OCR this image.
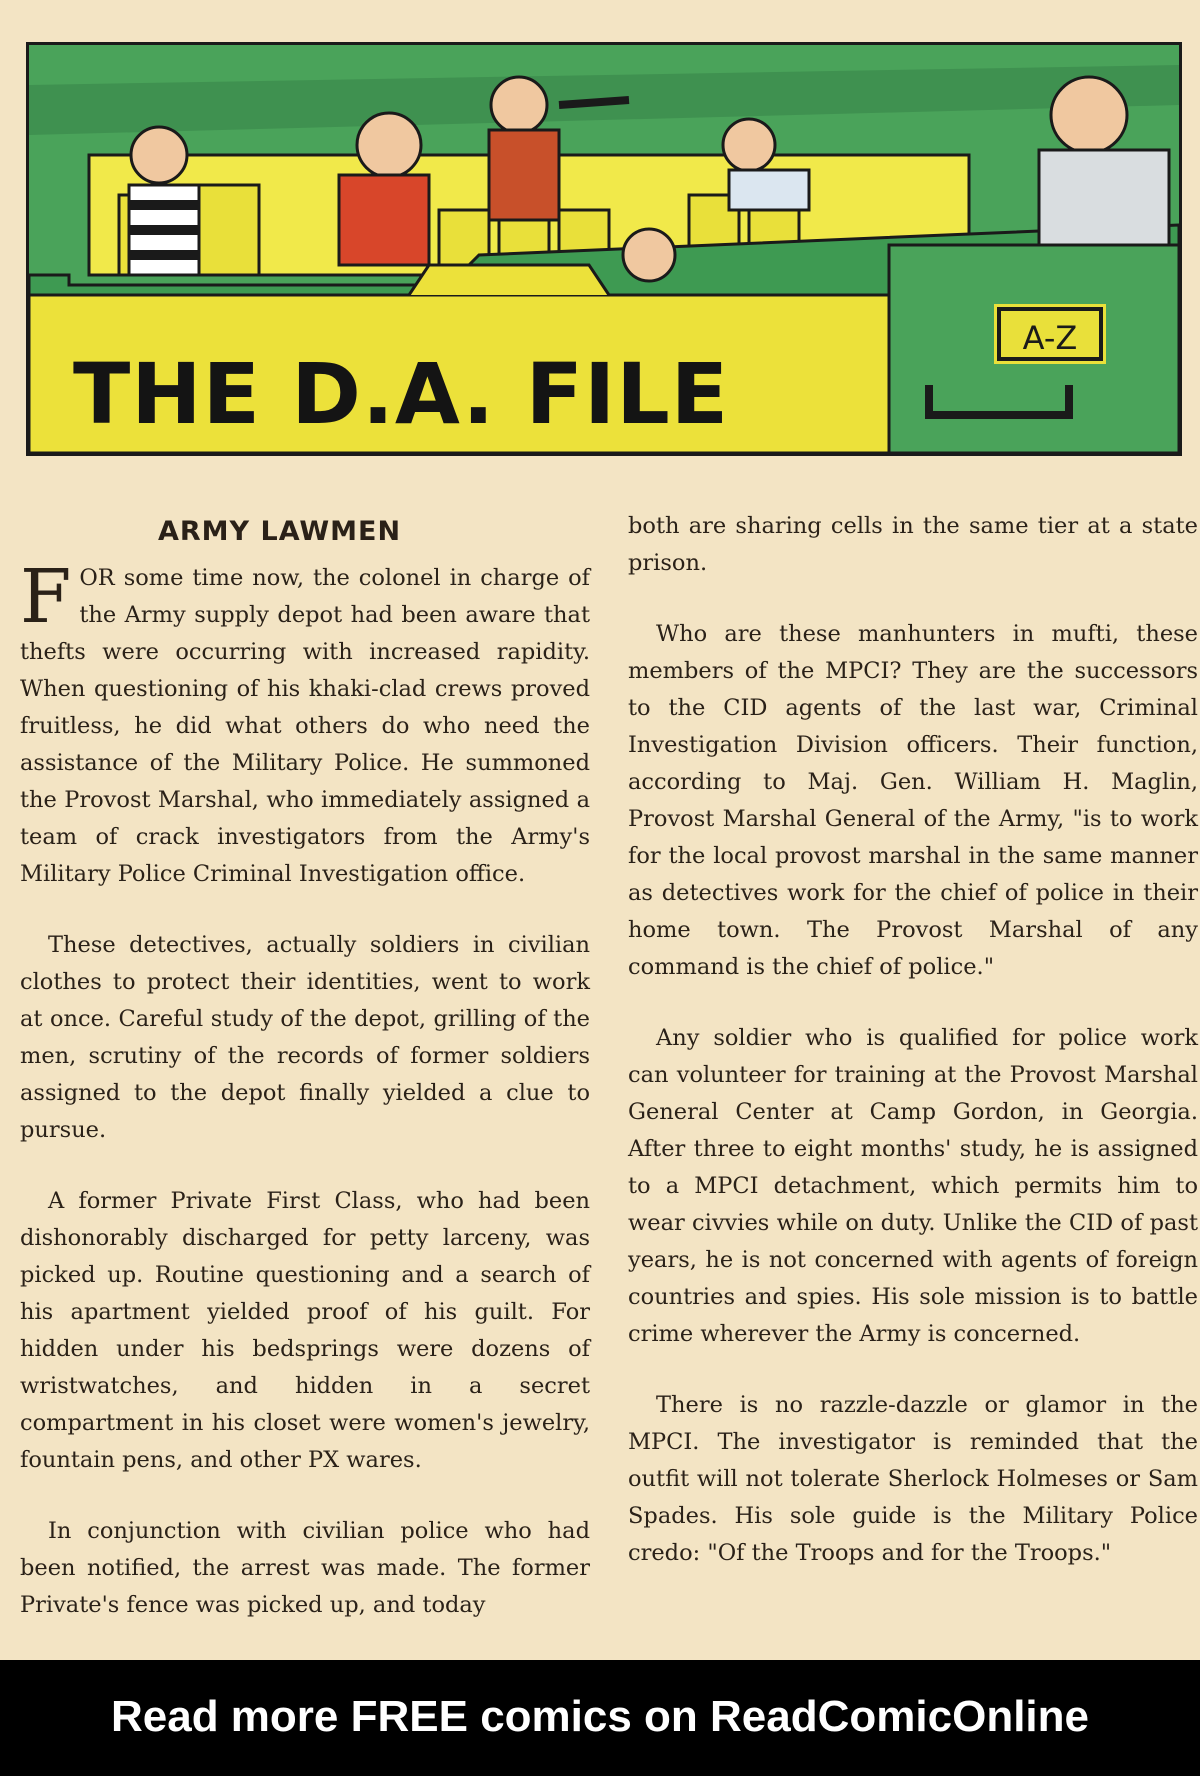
A-Z
THE D.A. FILE
ARMY LAWMEN

FOR some time now, the colonel in charge of the Army supply depot had been aware that thefts were occurring with increased rapidity. When questioning of his khaki-clad crews proved fruitless, he did what others do who need the assistance of the Military Police. He summoned the Provost Marshal, who immediately assigned a team of crack investigators from the Army's Military Police Criminal Investigation office.

These detectives, actually soldiers in civilian clothes to protect their identities, went to work at once. Careful study of the depot, grilling of the men, scrutiny of the records of former soldiers assigned to the depot finally yielded a clue to pursue.

A former Private First Class, who had been dishonorably discharged for petty larceny, was picked up. Routine questioning and a search of his apartment yielded proof of his guilt. For hidden under his bedsprings were dozens of wristwatches, and hidden in a secret compartment in his closet were women's jewelry, fountain pens, and other PX wares.

In conjunction with civilian police who had been notified, the arrest was made. The former Private's fence was picked up, and today

both are sharing cells in the same tier at a state prison.

Who are these manhunters in mufti, these members of the MPCI? They are the successors to the CID agents of the last war, Criminal Investigation Division officers. Their function, according to Maj. Gen. William H. Maglin, Provost Marshal General of the Army, "is to work for the local provost marshal in the same manner as detectives work for the chief of police in their home town. The Provost Marshal of any command is the chief of police."

Any soldier who is qualified for police work can volunteer for training at the Provost Marshal General Center at Camp Gordon, in Georgia. After three to eight months' study, he is assigned to a MPCI detachment, which permits him to wear civvies while on duty. Unlike the CID of past years, he is not concerned with agents of foreign countries and spies. His sole mission is to battle crime wherever the Army is concerned.

There is no razzle-dazzle or glamor in the MPCI. The investigator is reminded that the outfit will not tolerate Sherlock Holmeses or Sam Spades. His sole guide is the Military Police credo: "Of the Troops and for the Troops."

Read more FREE comics on ReadComicOnline
